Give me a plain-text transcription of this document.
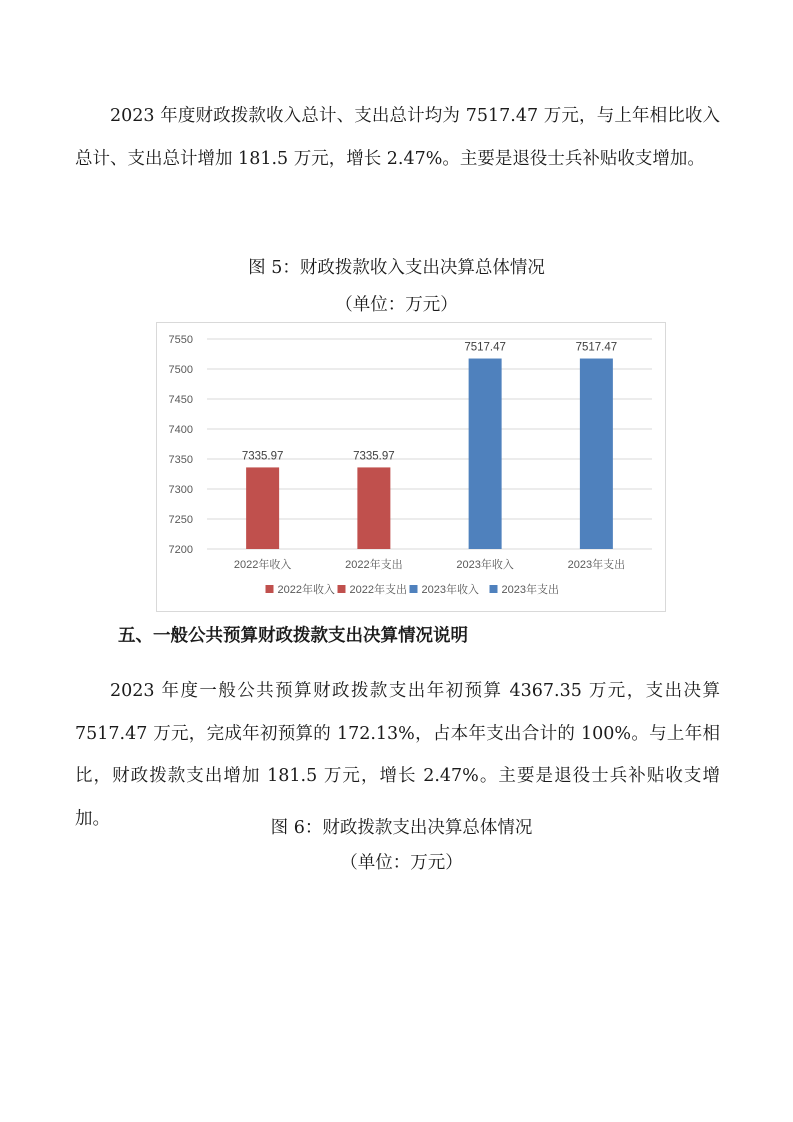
2023 年度财政拨款收入总计、支出总计均为 7517.47 万元，与上年相比收入总计、支出总计增加 181.5 万元，增长 2.47%。主要是退役士兵补贴收支增加。

图 5：财政拨款收入支出决算总体情况

（单位：万元）

7200
7250
7300
7350
7400
7450
7500
7550
7335.97
2022年收入
7335.97
2022年支出
7517.47
2023年收入
7517.47
2023年支出
2022年收入 2022年支出 2023年收入 2023年支出

五、一般公共预算财政拨款支出决算情况说明

2023 年度一般公共预算财政拨款支出年初预算 4367.35 万元，支出决算 7517.47 万元，完成年初预算的 172.13%，占本年支出合计的 100%。与上年相比，财政拨款支出增加 181.5 万元，增长 2.47%。主要是退役士兵补贴收支增加。	图 6：财政拨款支出决算总体情况

（单位：万元）
